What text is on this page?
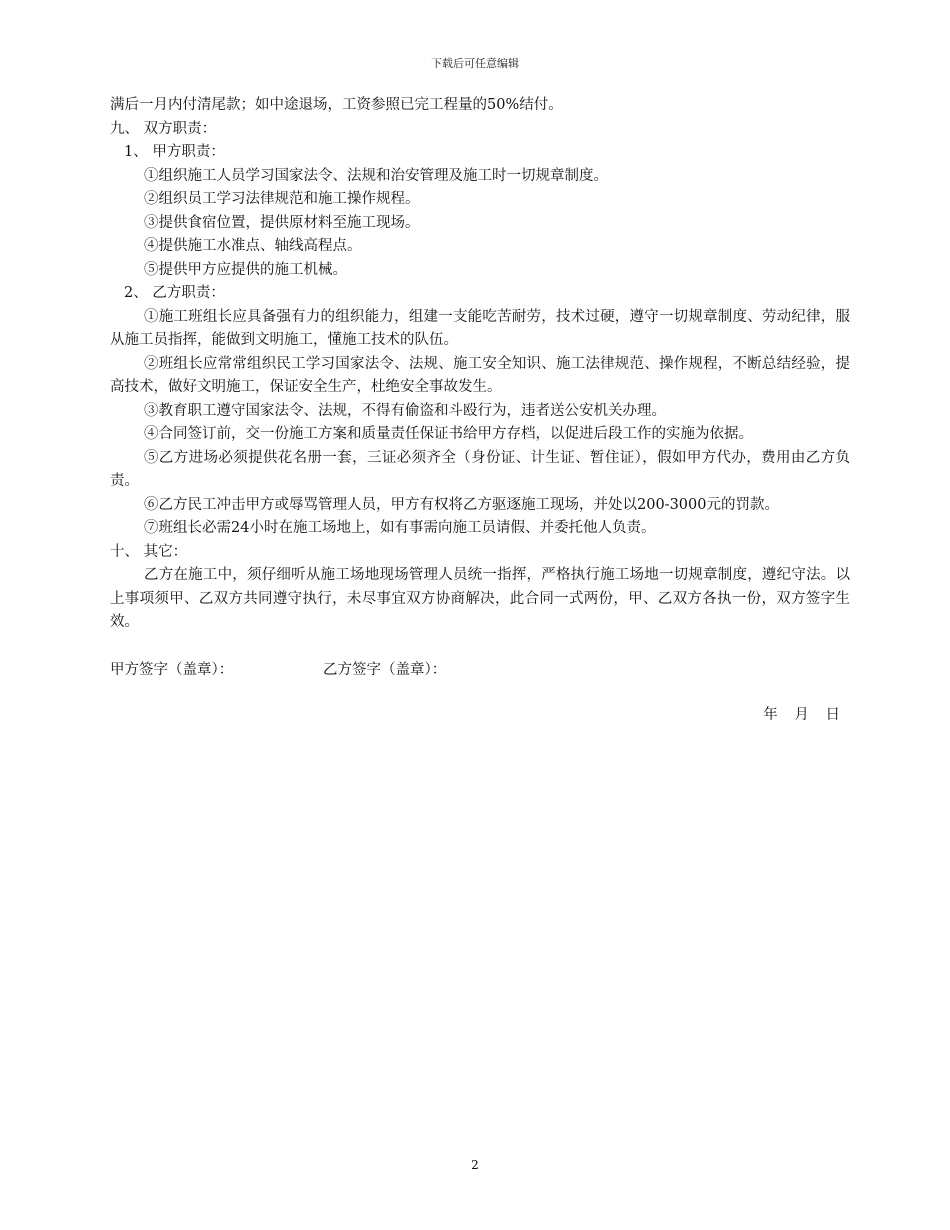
下载后可任意编辑
满后一月内付清尾款；如中途退场，工资参照已完工程量的50%结付。
九、 双方职责：
1、 甲方职责：
①组织施工人员学习国家法令、法规和治安管理及施工时一切规章制度。
②组织员工学习法律规范和施工操作规程。
③提供食宿位置，提供原材料至施工现场。
④提供施工水准点、轴线高程点。
⑤提供甲方应提供的施工机械。
2、 乙方职责：
①施工班组长应具备强有力的组织能力，组建一支能吃苦耐劳，技术过硬，遵守一切规章制度、劳动纪律，服从施工员指挥，能做到文明施工，懂施工技术的队伍。
②班组长应常常组织民工学习国家法令、法规、施工安全知识、施工法律规范、操作规程，不断总结经验，提高技术，做好文明施工，保证安全生产，杜绝安全事故发生。
③教育职工遵守国家法令、法规，不得有偷盗和斗殴行为，违者送公安机关办理。
④合同签订前，交一份施工方案和质量责任保证书给甲方存档，以促进后段工作的实施为依据。
⑤乙方进场必须提供花名册一套，三证必须齐全（身份证、计生证、暂住证），假如甲方代办，费用由乙方负责。
⑥乙方民工冲击甲方或辱骂管理人员，甲方有权将乙方驱逐施工现场，并处以200-3000元的罚款。
⑦班组长必需24小时在施工场地上，如有事需向施工员请假、并委托他人负责。
十、 其它：
乙方在施工中，须仔细听从施工场地现场管理人员统一指挥，严格执行施工场地一切规章制度，遵纪守法。以上事项须甲、乙双方共同遵守执行，未尽事宜双方协商解决，此合同一式两份，甲、乙双方各执一份，双方签字生效。
甲方签字（盖章）：	乙方签字（盖章）：
年 月 日
2
